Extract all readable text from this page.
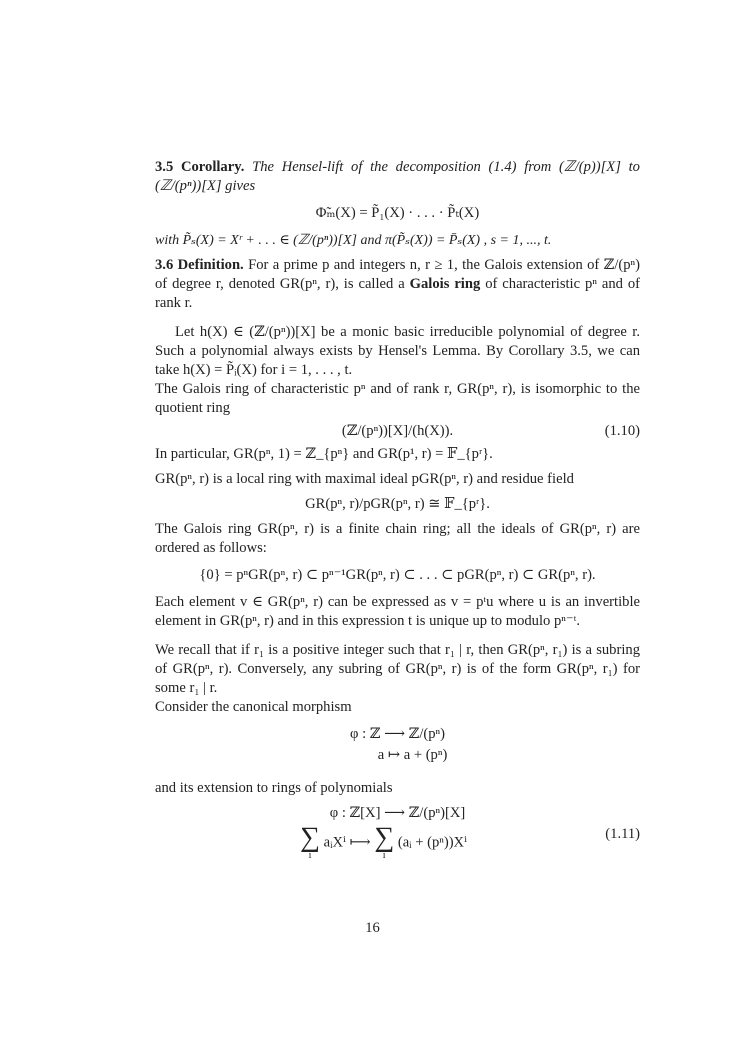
3.5 Corollary. The Hensel-lift of the decomposition (1.4) from (ℤ/(p))[X] to (ℤ/(pⁿ))[X] gives

Φ̃ₘ(X) = P̃₁(X) · . . . · P̃ₜ(X)

with P̃ₛ(X) = Xʳ + . . . ∈ (ℤ/(pⁿ))[X] and π(P̃ₛ(X)) = P̄ₛ(X) , s = 1, ..., t.

3.6 Definition. For a prime p and integers n, r ≥ 1, the Galois extension of ℤ/(pⁿ) of degree r, denoted GR(pⁿ, r), is called a Galois ring of characteristic pⁿ and of rank r.

Let h(X) ∈ (ℤ/(pⁿ))[X] be a monic basic irreducible polynomial of degree r. Such a polynomial always exists by Hensel's Lemma. By Corollary 3.5, we can take h(X) = P̃ᵢ(X) for i = 1, . . . , t.

The Galois ring of characteristic pⁿ and of rank r, GR(pⁿ, r), is isomorphic to the quotient ring

(ℤ/(pⁿ))[X]/(h(X)).	(1.10)

In particular, GR(pⁿ, 1) = ℤ_{pⁿ} and GR(p¹, r) = 𝔽_{pʳ}.

GR(pⁿ, r) is a local ring with maximal ideal pGR(pⁿ, r) and residue field

GR(pⁿ, r)/pGR(pⁿ, r) ≅ 𝔽_{pʳ}.

The Galois ring GR(pⁿ, r) is a finite chain ring; all the ideals of GR(pⁿ, r) are ordered as follows:

{0} = pⁿGR(pⁿ, r) ⊂ pⁿ⁻¹GR(pⁿ, r) ⊂ . . . ⊂ pGR(pⁿ, r) ⊂ GR(pⁿ, r).

Each element v ∈ GR(pⁿ, r) can be expressed as v = pᵗu where u is an invertible element in GR(pⁿ, r) and in this expression t is unique up to modulo pⁿ⁻ᵗ.

We recall that if r₁ is a positive integer such that r₁ | r, then GR(pⁿ, r₁) is a subring of GR(pⁿ, r). Conversely, any subring of GR(pⁿ, r) is of the form GR(pⁿ, r₁) for some r₁ | r.

Consider the canonical morphism

φ : ℤ ⟶ ℤ/(pⁿ)
a ↦ a + (pⁿ)

and its extension to rings of polynomials

φ : ℤ[X] ⟶ ℤ/(pⁿ)[X]
∑
i
aᵢXⁱ ⟼ ∑
i
(aᵢ + (pⁿ))Xⁱ
(1.11)
16
